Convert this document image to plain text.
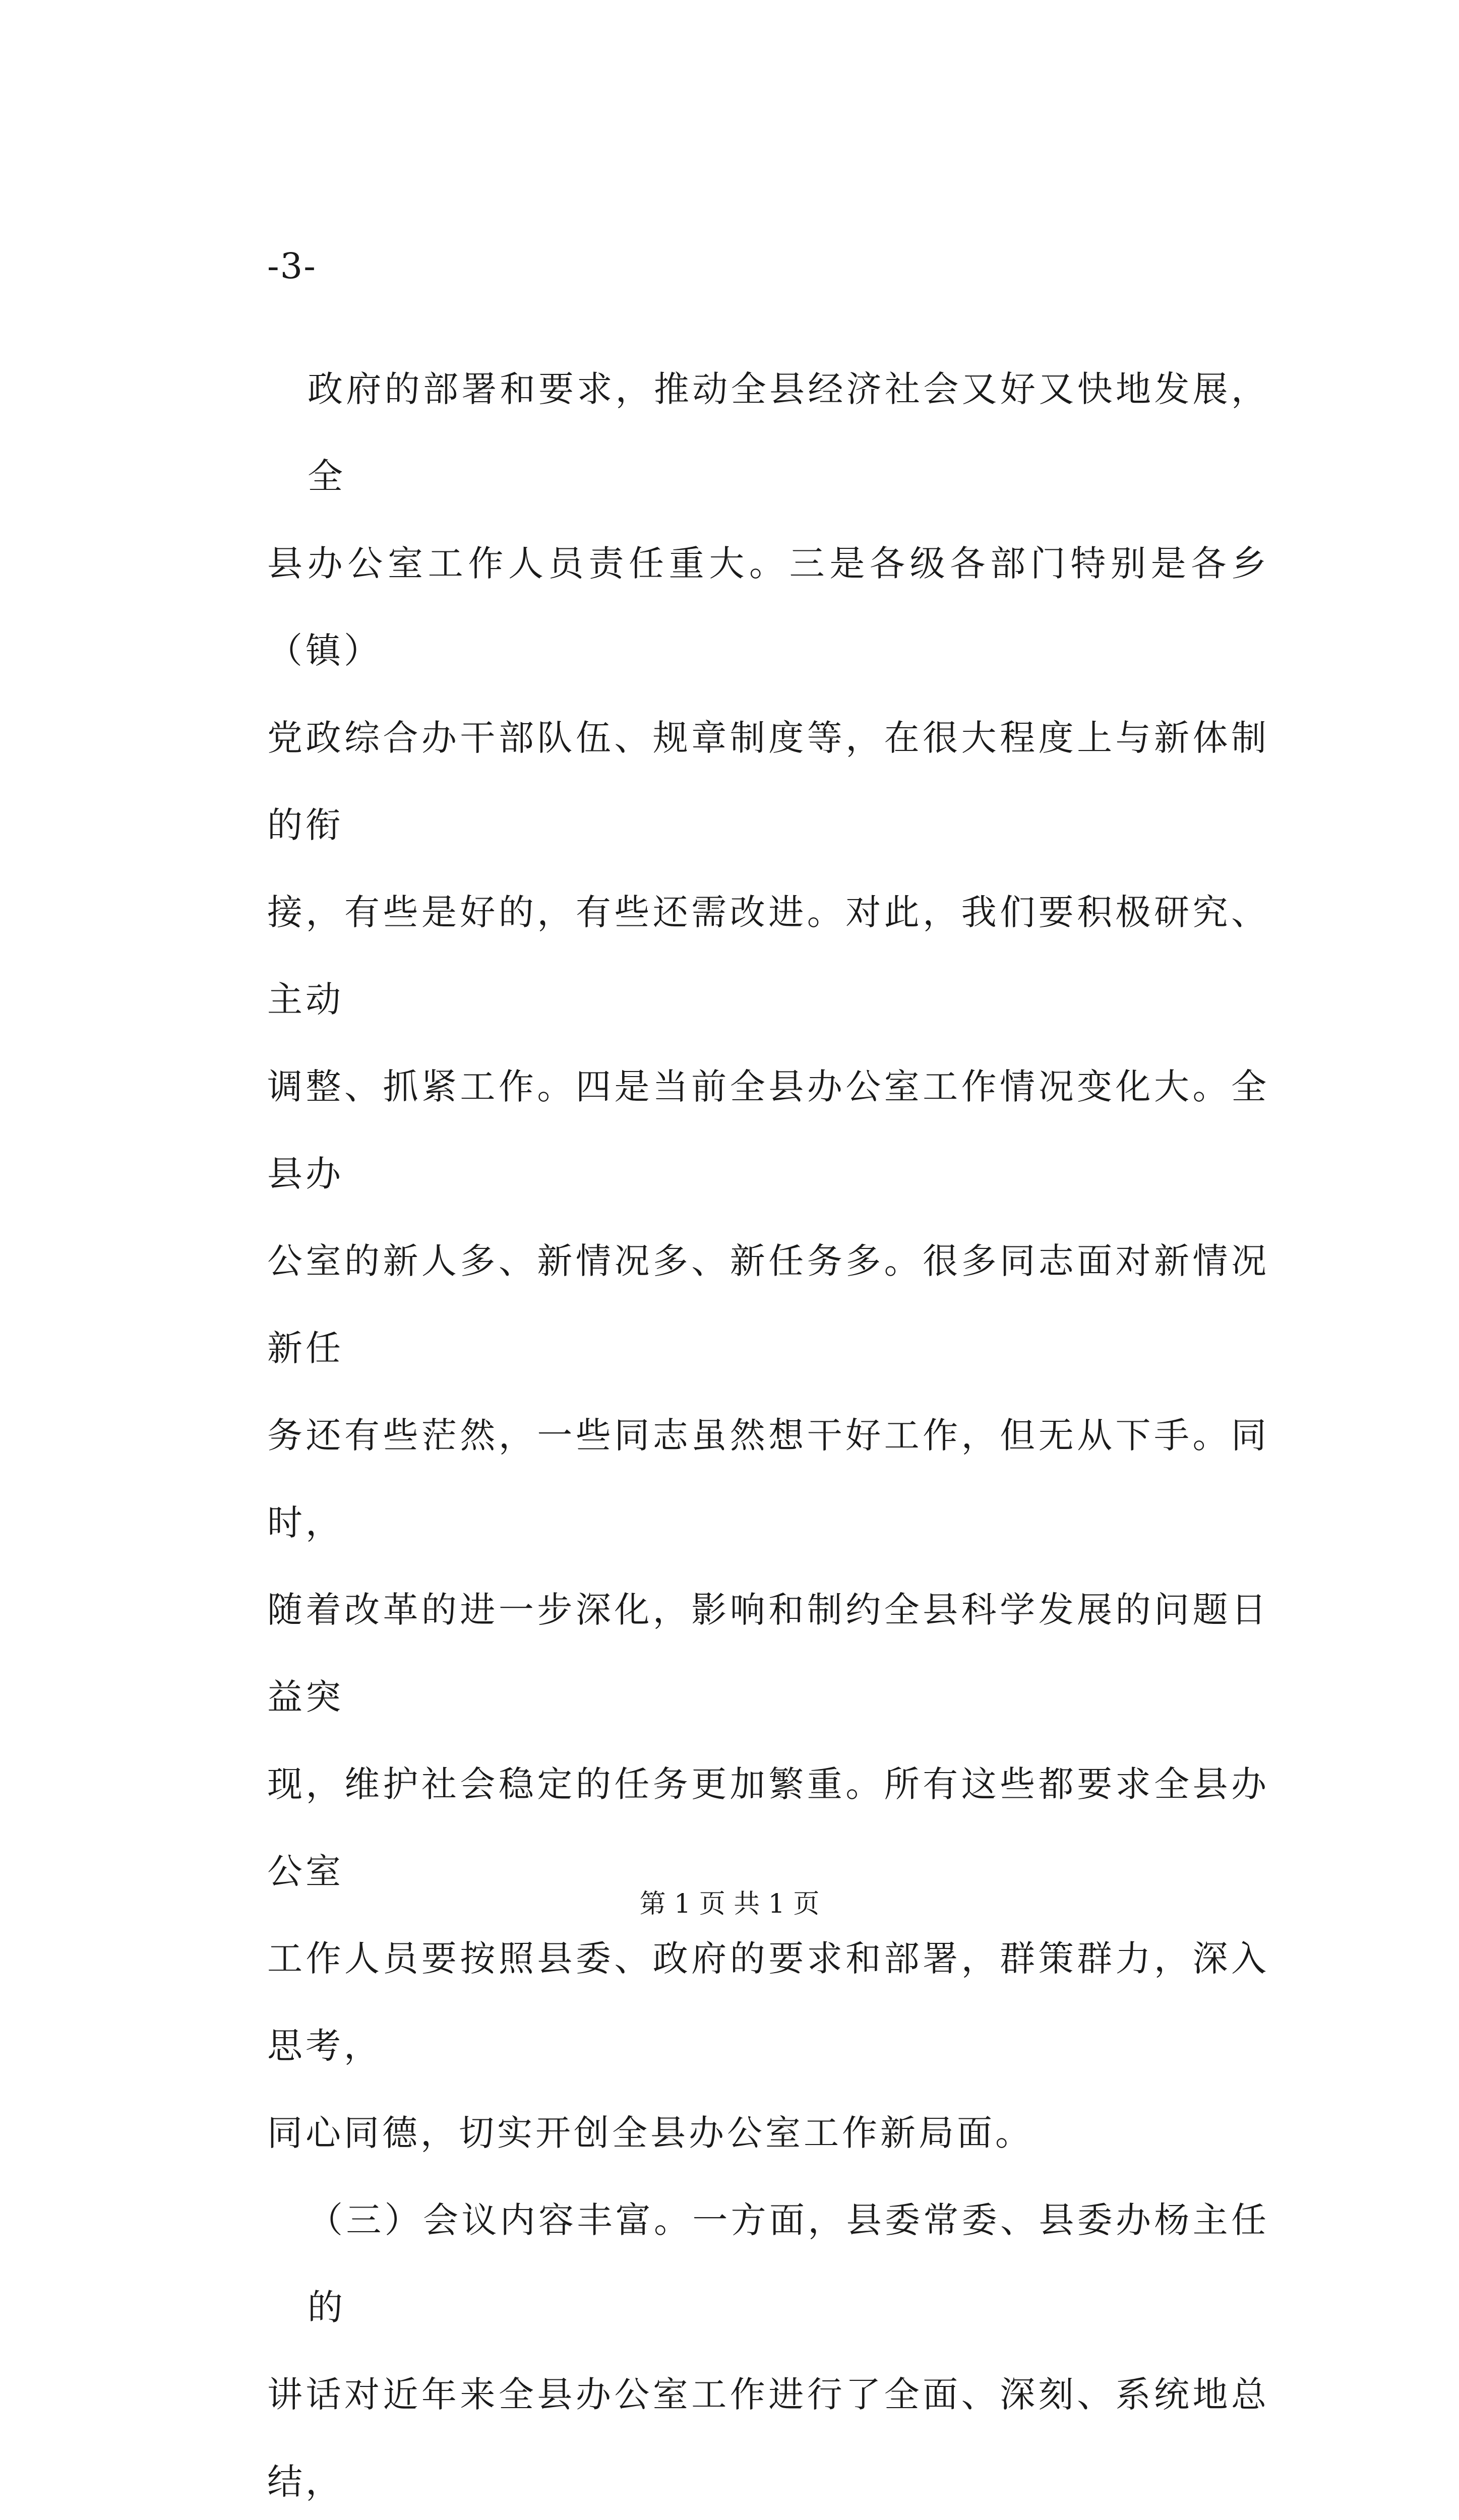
-3-
政府的部署和要求，推动全县经济社会又好又快地发展，全
县办公室工作人员责任重大。三是各级各部门特别是各乡（镇）
党政综合办干部队伍、规章制度等，在很大程度上与新体制的衔
接，有些是好的，有些还需改进。对此，我们要积极研究、主动
调整、抓紧工作。四是当前全县办公室工作情况变化大。全县办
公室的新人多、新情况多、新任务多。很多同志面对新情况新任
务还有些茫然，一些同志虽然想干好工作，但无从下手。同时，
随着改革的进一步深化，影响和制约全县科学发展的问题日益突
现，维护社会稳定的任务更加繁重。所有这些都要求全县办公室
工作人员要按照县委、政府的要求和部署，群策群力，深入思考，
同心同德，切实开创全县办公室工作新局面。
（三）会议内容丰富。一方面，县委常委、县委办杨主任的
讲话对近年来全县办公室工作进行了全面、深刻、系统地总结，
第 1 页 共 1 页
